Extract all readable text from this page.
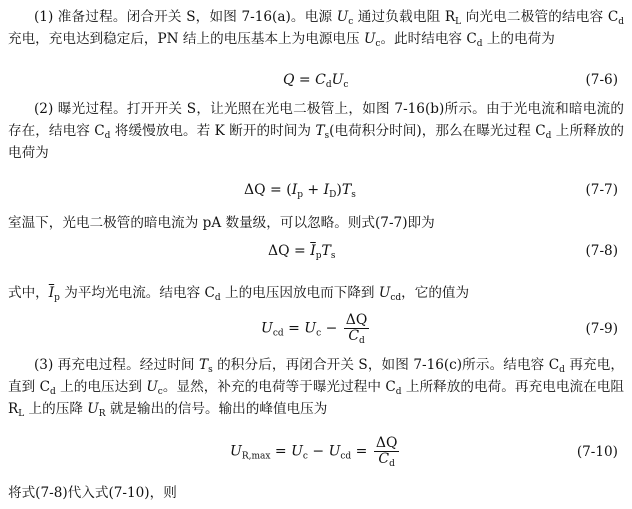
(1) 准备过程。闭合开关 S，如图 7-16(a)。电源 $U_c$ 通过负载电阻 $R_L$ 向光电二极管的结电容 $C_d$ 充电，充电达到稳定后，PN 结上的电压基本上为电源电压 $U_c$。此时结电容 $C_d$ 上的电荷为
$Q = C_dU_c$	(7-6)
(2) 曝光过程。打开开关 S，让光照在光电二极管上，如图 7-16(b)所示。由于光电流和暗电流的存在，结电容 $C_d$ 将缓慢放电。若 K 断开的时间为 $T_s$(电荷积分时间)，那么在曝光过程 $C_d$ 上所释放的电荷为
$\Delta Q = (I_p + I_D)T_s$	(7-7)
室温下，光电二极管的暗电流为 pA 数量级，可以忽略。则式(7-7)即为
$\Delta Q = \overline{I}_pT_s$	(7-8)
式中，$\overline{I}_p$ 为平均光电流。结电容 $C_d$ 上的电压因放电而下降到 $U_{cd}$，它的值为
$U_{cd} = U_c - \frac{\Delta Q}{C_d}$	(7-9)
(3) 再充电过程。经过时间 $T_s$ 的积分后，再闭合开关 S，如图 7-16(c)所示。结电容 $C_d$ 再充电，直到 $C_d$ 上的电压达到 $U_c$。显然，补充的电荷等于曝光过程中 $C_d$ 上所释放的电荷。再充电电流在电阻 $R_L$ 上的压降 $U_R$ 就是输出的信号。输出的峰值电压为
$U_{R,max} = U_c - U_{cd} = \frac{\Delta Q}{C_d}$	(7-10)
将式(7-8)代入式(7-10)，则
